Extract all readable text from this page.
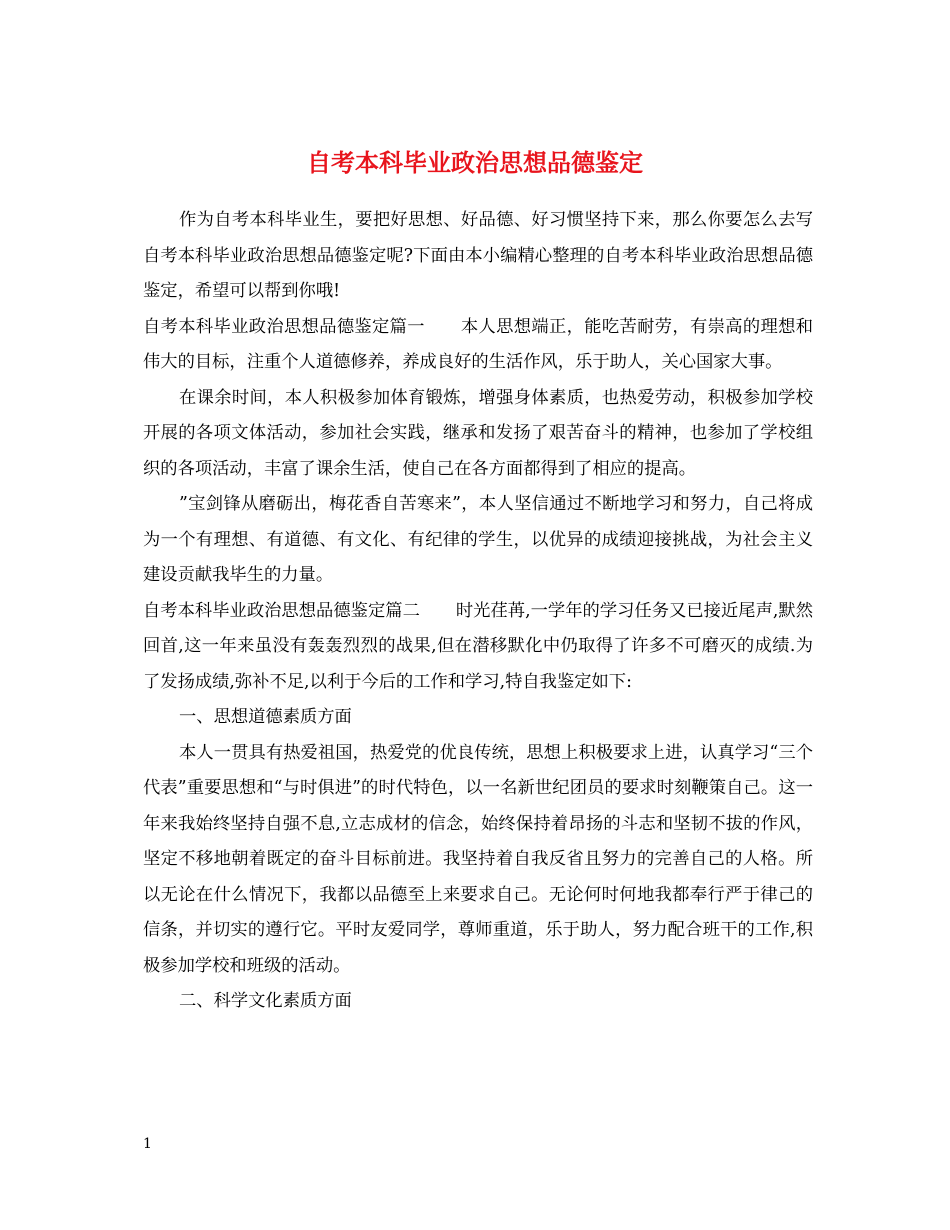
自考本科毕业政治思想品德鉴定

作为自考本科毕业生，要把好思想、好品德、好习惯坚持下来，那么你要怎么去写自考本科毕业政治思想品德鉴定呢?下面由本小编精心整理的自考本科毕业政治思想品德鉴定，希望可以帮到你哦!

自考本科毕业政治思想品德鉴定篇一 本人思想端正，能吃苦耐劳，有崇高的理想和伟大的目标，注重个人道德修养，养成良好的生活作风，乐于助人，关心国家大事。

在课余时间，本人积极参加体育锻炼，增强身体素质，也热爱劳动，积极参加学校开展的各项文体活动，参加社会实践，继承和发扬了艰苦奋斗的精神，也参加了学校组织的各项活动，丰富了课余生活，使自己在各方面都得到了相应的提高。

”宝剑锋从磨砺出，梅花香自苦寒来”，本人坚信通过不断地学习和努力，自己将成为一个有理想、有道德、有文化、有纪律的学生，以优异的成绩迎接挑战，为社会主义建设贡献我毕生的力量。

自考本科毕业政治思想品德鉴定篇二 时光荏苒,一学年的学习任务又已接近尾声,默然回首,这一年来虽没有轰轰烈烈的战果,但在潜移默化中仍取得了许多不可磨灭的成绩.为了发扬成绩,弥补不足,以利于今后的工作和学习,特自我鉴定如下:

一、思想道德素质方面

本人一贯具有热爱祖国，热爱党的优良传统，思想上积极要求上进，认真学习“三个代表”重要思想和“与时俱进”的时代特色，以一名新世纪团员的要求时刻鞭策自己。这一年来我始终坚持自强不息,立志成材的信念，始终保持着昂扬的斗志和坚韧不拔的作风，坚定不移地朝着既定的奋斗目标前进。我坚持着自我反省且努力的完善自己的人格。所以无论在什么情况下，我都以品德至上来要求自己。无论何时何地我都奉行严于律己的信条，并切实的遵行它。平时友爱同学，尊师重道，乐于助人，努力配合班干的工作,积极参加学校和班级的活动。

二、科学文化素质方面

1
